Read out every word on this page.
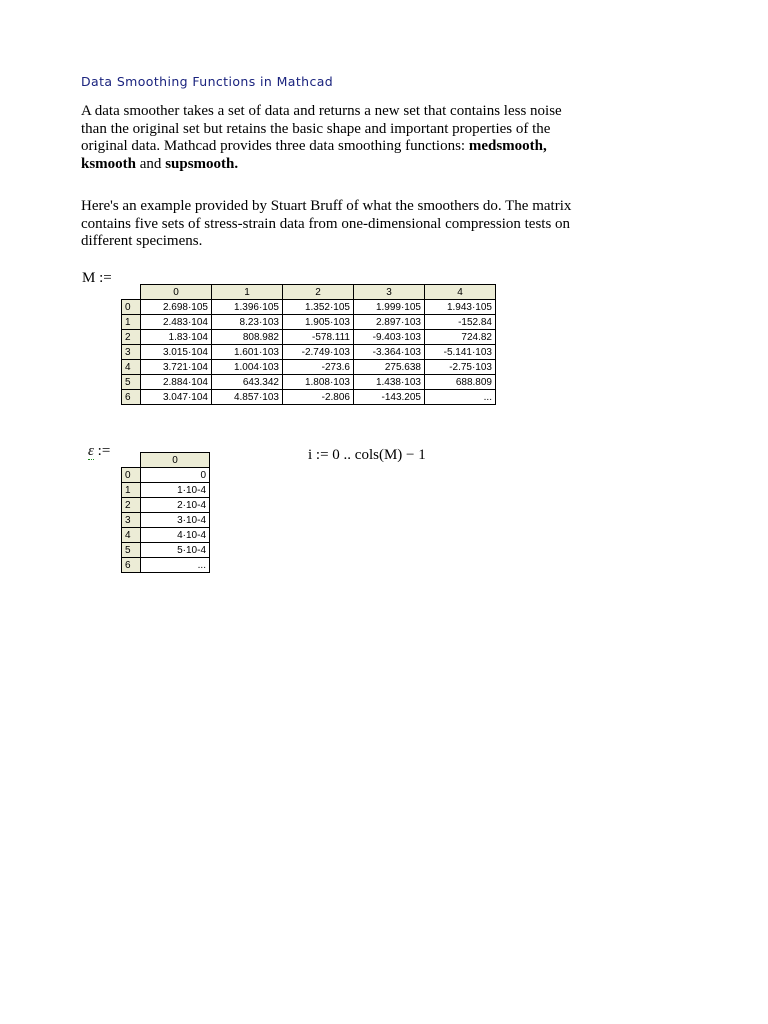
Data Smoothing Functions in Mathcad
A data smoother takes a set of data and returns a new set that contains less noise than the original set but retains the basic shape and important properties of the original data. Mathcad provides three data smoothing functions: medsmooth, ksmooth and supsmooth.
Here's an example provided by Stuart Bruff of what the smoothers do. The matrix contains five sets of stress-strain data from one-dimensional compression tests on different specimens.
M :=
	0	1	2	3	4
0	2.698·105	1.396·105	1.352·105	1.999·105	1.943·105
1	2.483·104	8.23·103	1.905·103	2.897·103	-152.84
2	1.83·104	808.982	-578.111	-9.403·103	724.82
3	3.015·104	1.601·103	-2.749·103	-3.364·103	-5.141·103
4	3.721·104	1.004·103	-273.6	275.638	-2.75·103
5	2.884·104	643.342	1.808·103	1.438·103	688.809
6	3.047·104	4.857·103	-2.806	-143.205	...
ε :=
	0
0	0
1	1·10-4
2	2·10-4
3	3·10-4
4	4·10-4
5	5·10-4
6	...
i := 0 .. cols(M) − 1
